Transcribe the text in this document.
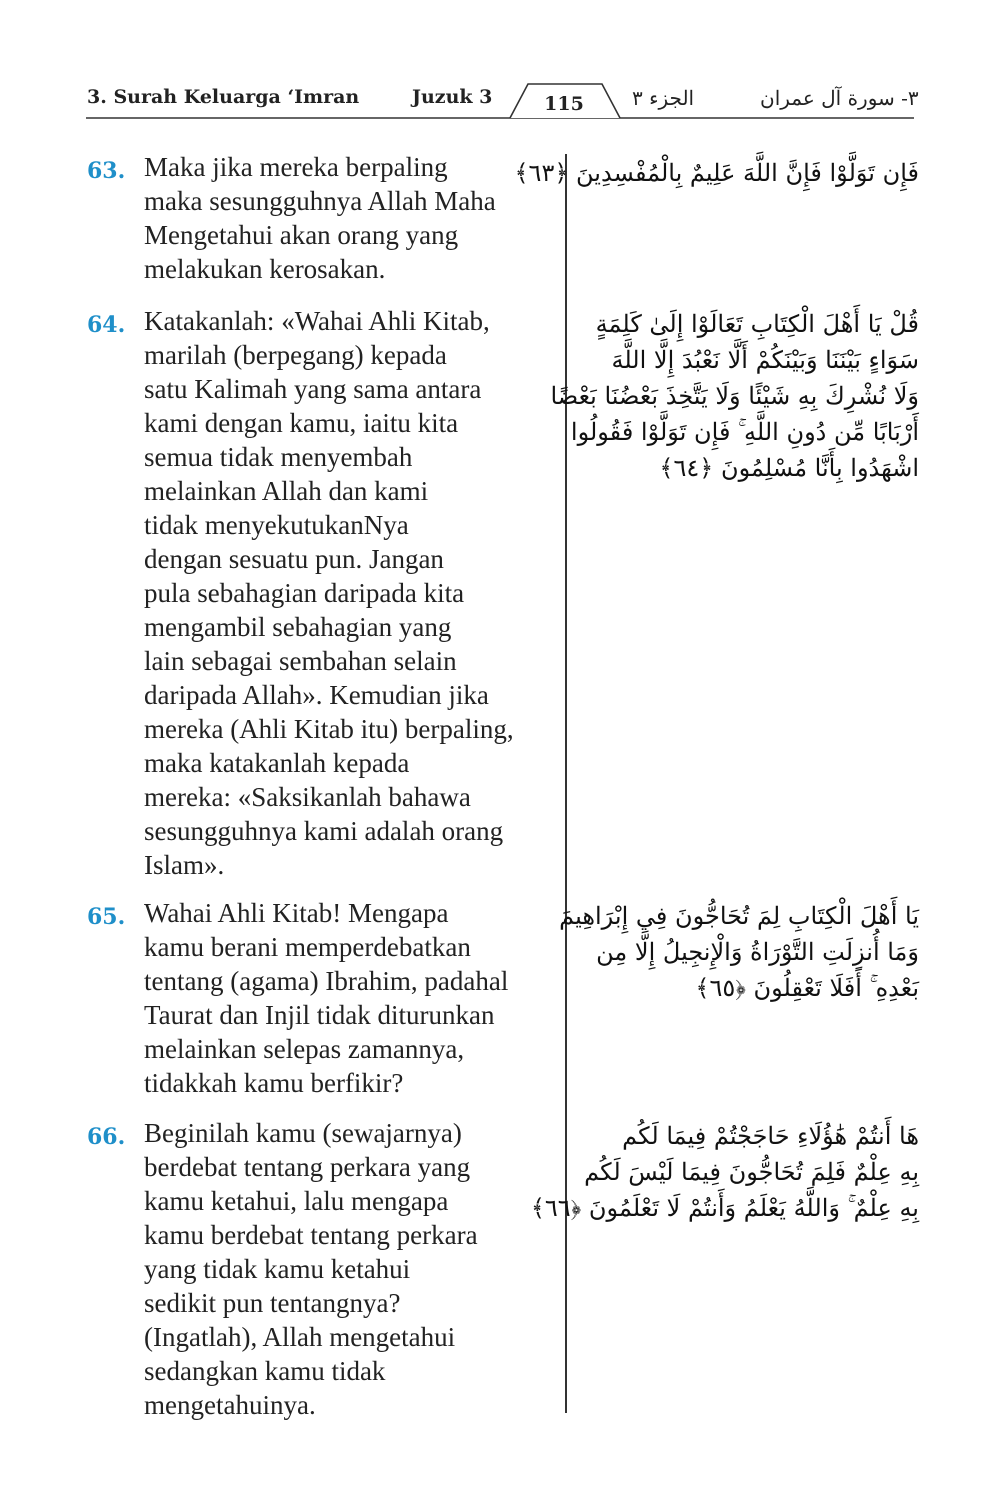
3. Surah Keluarga ‘Imran	Juzuk 3	115 الجزء ٣	٣- سورة آل عمران
63. Maka jika mereka berpaling
maka sesungguhnya Allah Maha
Mengetahui akan orang yang
melakukan kerosakan.
فَإِن تَوَلَّوْا فَإِنَّ اللَّهَ عَلِيمٌ بِالْمُفْسِدِينَ ﴿٦٣﴾
64. Katakanlah: «Wahai Ahli Kitab,
marilah (berpegang) kepada
satu Kalimah yang sama antara
kami dengan kamu, iaitu kita
semua tidak menyembah
melainkan Allah dan kami
tidak menyekutukanNya
dengan sesuatu pun. Jangan
pula sebahagian daripada kita
mengambil sebahagian yang
lain sebagai sembahan selain
daripada Allah». Kemudian jika
mereka (Ahli Kitab itu) berpaling,
maka katakanlah kepada
mereka: «Saksikanlah bahawa
sesungguhnya kami adalah orang
Islam».
قُلْ يَا أَهْلَ الْكِتَابِ تَعَالَوْا إِلَىٰ كَلِمَةٍ
سَوَاءٍ بَيْنَنَا وَبَيْنَكُمْ أَلَّا نَعْبُدَ إِلَّا اللَّهَ
وَلَا نُشْرِكَ بِهِ شَيْئًا وَلَا يَتَّخِذَ بَعْضُنَا بَعْضًا
أَرْبَابًا مِّن دُونِ اللَّهِ ۚ فَإِن تَوَلَّوْا فَقُولُوا
اشْهَدُوا بِأَنَّا مُسْلِمُونَ ﴿٦٤﴾
65. Wahai Ahli Kitab! Mengapa
kamu berani memperdebatkan
tentang (agama) Ibrahim, padahal
Taurat dan Injil tidak diturunkan
melainkan selepas zamannya,
tidakkah kamu berfikir?
يَا أَهْلَ الْكِتَابِ لِمَ تُحَاجُّونَ فِي إِبْرَاهِيمَ
وَمَا أُنزِلَتِ التَّوْرَاةُ وَالْإِنجِيلُ إِلَّا مِن
بَعْدِهِ ۚ أَفَلَا تَعْقِلُونَ ﴿٦٥﴾
66. Beginilah kamu (sewajarnya)
berdebat tentang perkara yang
kamu ketahui, lalu mengapa
kamu berdebat tentang perkara
yang tidak kamu ketahui
sedikit pun tentangnya?
(Ingatlah), Allah mengetahui
sedangkan kamu tidak
mengetahuinya.
هَا أَنتُمْ هَٰؤُلَاءِ حَاجَجْتُمْ فِيمَا لَكُم
بِهِ عِلْمٌ فَلِمَ تُحَاجُّونَ فِيمَا لَيْسَ لَكُم
بِهِ عِلْمٌ ۚ وَاللَّهُ يَعْلَمُ وَأَنتُمْ لَا تَعْلَمُونَ ﴿٦٦﴾
